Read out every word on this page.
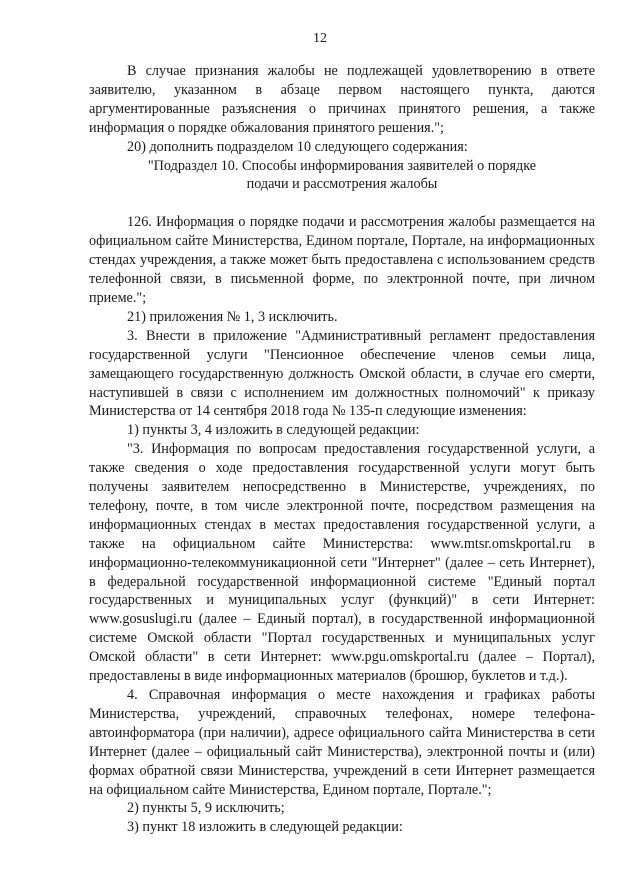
12

В случае признания жалобы не подлежащей удовлетворению в ответе заявителю, указанном в абзаце первом настоящего пункта, даются аргументированные разъяснения о причинах принятого решения, а также информация о порядке обжалования принятого решения.";

20) дополнить подразделом 10 следующего содержания:

"Подраздел 10. Способы информирования заявителей о порядке

подачи и рассмотрения жалобы

126. Информация о порядке подачи и рассмотрения жалобы размещается на официальном сайте Министерства, Едином портале, Портале, на информационных стендах учреждения, а также может быть предоставлена с использованием средств телефонной связи, в письменной форме, по электронной почте, при личном приеме.";

21) приложения № 1, 3 исключить.

3. Внести в приложение "Административный регламент предоставления государственной услуги "Пенсионное обеспечение членов семьи лица, замещающего государственную должность Омской области, в случае его смерти, наступившей в связи с исполнением им должностных полномочий" к приказу Министерства от 14 сентября 2018 года № 135-п следующие изменения:

1) пункты 3, 4 изложить в следующей редакции:

"3. Информация по вопросам предоставления государственной услуги, а также сведения о ходе предоставления государственной услуги могут быть получены заявителем непосредственно в Министерстве, учреждениях, по телефону, почте, в том числе электронной почте, посредством размещения на информационных стендах в местах предоставления государственной услуги, а также на официальном сайте Министерства: www.mtsr.omskportal.ru в информационно-телекоммуникационной сети "Интернет" (далее – сеть Интернет), в федеральной государственной информационной системе "Единый портал государственных и муниципальных услуг (функций)" в сети Интернет: www.gosuslugi.ru (далее – Единый портал), в государственной информационной системе Омской области "Портал государственных и муниципальных услуг Омской области" в сети Интернет: www.pgu.omskportal.ru (далее – Портал), предоставлены в виде информационных материалов (брошюр, буклетов и т.д.).

4. Справочная информация о месте нахождения и графиках работы Министерства, учреждений, справочных телефонах, номере телефона-автоинформатора (при наличии), адресе официального сайта Министерства в сети Интернет (далее – официальный сайт Министерства), электронной почты и (или) формах обратной связи Министерства, учреждений в сети Интернет размещается на официальном сайте Министерства, Едином портале, Портале.";

2) пункты 5, 9 исключить;

3) пункт 18 изложить в следующей редакции:
